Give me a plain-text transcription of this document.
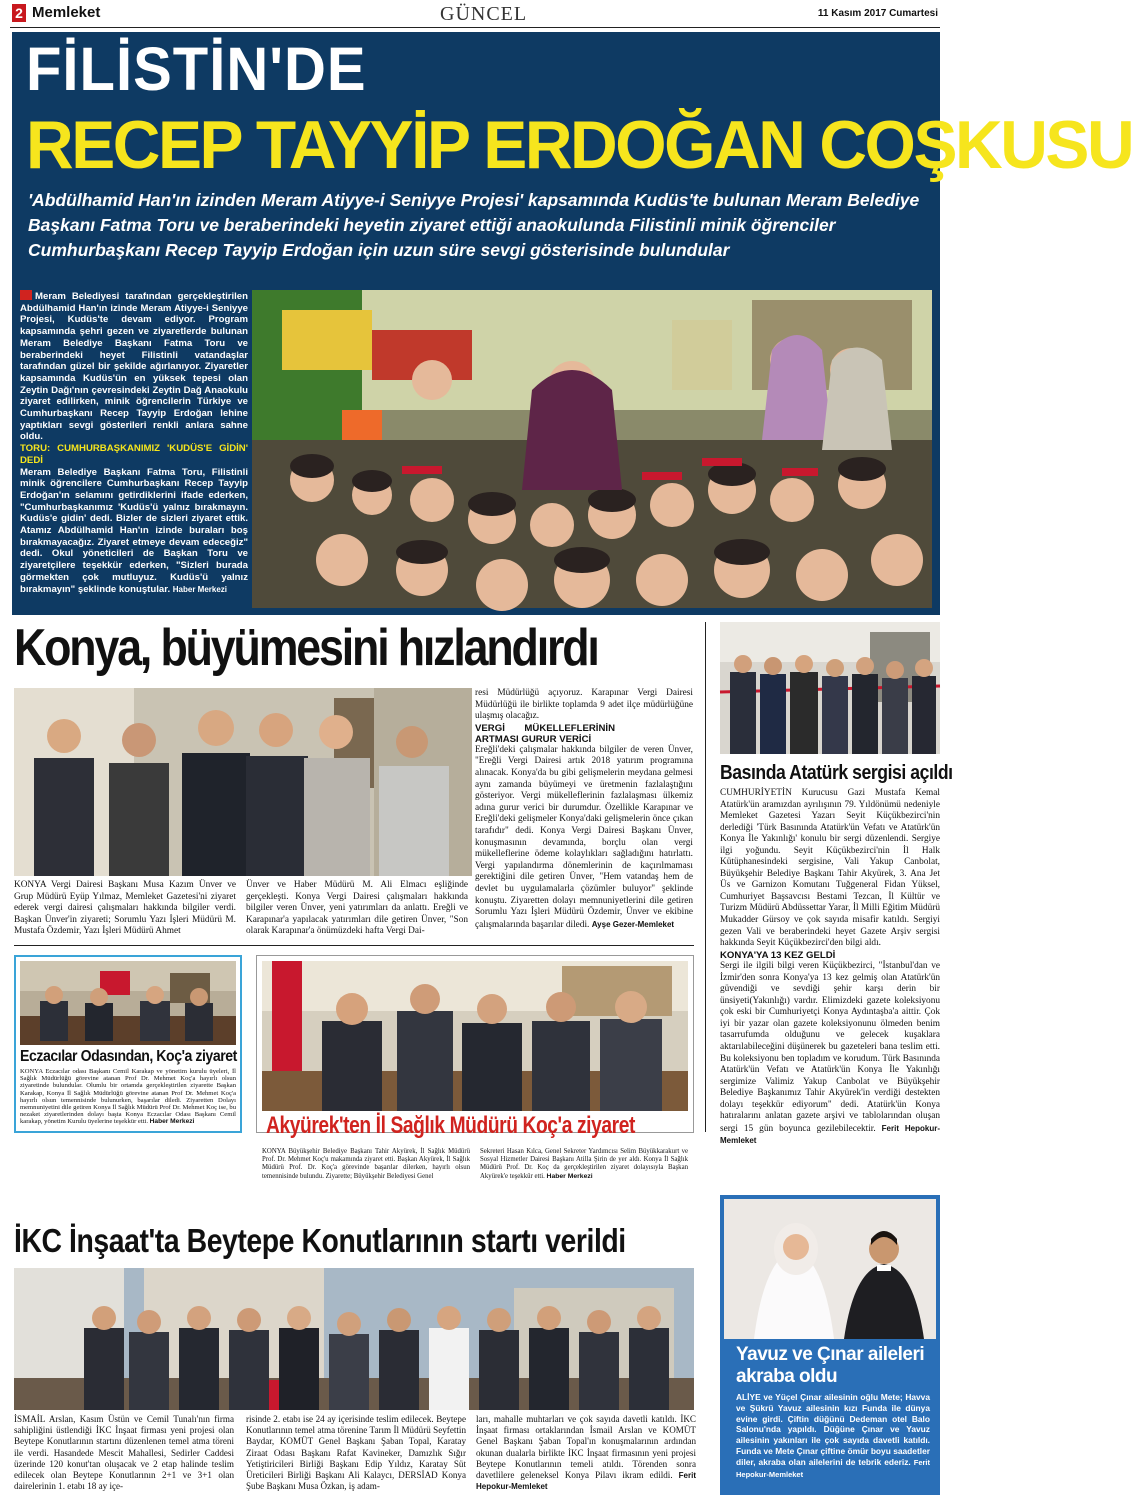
2 Memleket	GÜNCEL	11 Kasım 2017 Cumartesi
FİLİSTİN'DE
RECEP TAYYİP ERDOĞAN COŞKUSU
'Abdülhamid Han'ın izinden Meram Atiyye-i Seniyye Projesi' kapsamında Kudüs'te bulunan Meram Belediye Başkanı Fatma Toru ve beraberindeki heyetin ziyaret ettiği anaokulunda Filistinli minik öğrenciler Cumhurbaşkanı Recep Tayyip Erdoğan için uzun süre sevgi gösterisinde bulundular
Meram Belediyesi tarafından gerçekleştirilen Abdülhamid Han'ın izinde Meram Atiyye-i Seniyye Projesi, Kudüs'te devam ediyor. Program kapsamında şehri gezen ve ziyaretlerde bulunan Meram Belediye Başkanı Fatma Toru ve beraberindeki heyet Filistinli vatandaşlar tarafından güzel bir şekilde ağırlanıyor. Ziyaretler kapsamında Kudüs'ün en yüksek tepesi olan Zeytin Dağı'nın çevresindeki Zeytin Dağ Anaokulu ziyaret edilirken, minik öğrencilerin Türkiye ve Cumhurbaşkanı Recep Tayyip Erdoğan lehine yaptıkları sevgi gösterileri renkli anlara sahne oldu.
TORU: CUMHURBAŞKANIMIZ 'KUDÜS'E GİDİN' DEDİ
Meram Belediye Başkanı Fatma Toru, Filistinli minik öğrencilere Cumhurbaşkanı Recep Tayyip Erdoğan'ın selamını getirdiklerini ifade ederken, "Cumhurbaşkanımız 'Kudüs'ü yalnız bırakmayın. Kudüs'e gidin' dedi. Bizler de sizleri ziyaret ettik. Atamız Abdülhamid Han'ın izinde buraları boş bırakmayacağız. Ziyaret etmeye devam edeceğiz" dedi. Okul yöneticileri de Başkan Toru ve ziyaretçilere teşekkür ederken, "Sizleri burada görmekten çok mutluyuz. Kudüs'ü yalnız bırakmayın" şeklinde konuştular. Haber Merkezi
Konya, büyümesini hızlandırdı
resi Müdürlüğü açıyoruz. Karapınar Vergi Dairesi Müdürlüğü ile birlikte toplamda 9 adet ilçe müdürlüğüne ulaşmış olacağız.
VERGİ MÜKELLEFLERİNİN ARTMASI GURUR VERİCİ
Ereğli'deki çalışmalar hakkında bilgiler de veren Ünver, "Ereğli Vergi Dairesi artık 2018 yatırım programına alınacak. Konya'da bu gibi gelişmelerin meydana gelmesi aynı zamanda büyümeyi ve üretmenin fazlalaştığını gösteriyor. Vergi mükelleflerinin fazlalaşması ülkemiz adına gurur verici bir durumdur. Özellikle Karapınar ve Ereğli'deki gelişmeler Konya'daki gelişmelerin önce çıkan tarafıdır" dedi. Konya Vergi Dairesi Başkanı Ünver, konuşmasının devamında, borçlu olan vergi mükelleflerine ödeme kolaylıkları sağladığını hatırlattı. Vergi yapılandırma dönemlerinin de kaçırılmaması gerektiğini dile getiren Ünver, "Hem vatandaş hem de devlet bu uygulamalarla çözümler buluyor" şeklinde konuştu. Ziyaretten dolayı memnuniyetlerini dile getiren Sorumlu Yazı İşleri Müdürü Özdemir, Ünver ve ekibine çalışmalarında başarılar diledi. Ayşe Gezer-Memleket
KONYA Vergi Dairesi Başkanı Musa Kazım Ünver ve Grup Müdürü Eyüp Yılmaz, Memleket Gazetesi'ni ziyaret ederek vergi dairesi çalışmaları hakkında bilgiler verdi. Başkan Ünver'in ziyareti; Sorumlu Yazı İşleri Müdürü M. Mustafa Özdemir, Yazı İşleri Müdürü Ahmet
Ünver ve Haber Müdürü M. Ali Elmacı eşliğinde gerçekleşti. Konya Vergi Dairesi çalışmaları hakkında bilgiler veren Ünver, yeni yatırımları da anlattı. Ereğli ve Karapınar'a yapılacak yatırımları dile getiren Ünver, "Son olarak Karapınar'a önümüzdeki hafta Vergi Dai-
Basında Atatürk sergisi açıldı
CUMHURİYETİN Kurucusu Gazi Mustafa Kemal Atatürk'ün aramızdan ayrılışının 79. Yıldönümü nedeniyle Memleket Gazetesi Yazarı Seyit Küçükbezirci'nin derlediği 'Türk Basınında Atatürk'ün Vefatı ve Atatürk'ün Konya İle Yakınlığı' konulu bir sergi düzenlendi. Sergiye ilgi yoğundu. Seyit Küçükbezirci'nin İl Halk Kütüphanesindeki sergisine, Vali Yakup Canbolat, Büyükşehir Belediye Başkanı Tahir Akyürek, 3. Ana Jet Üs ve Garnizon Komutanı Tuğgeneral Fidan Yüksel, Cumhuriyet Başsavcısı Bestami Tezcan, İl Kültür ve Turizm Müdürü Abdüssettar Yarar, İl Milli Eğitim Müdürü Mukadder Gürsoy ve çok sayıda misafir katıldı. Sergiyi gezen Vali ve beraberindeki heyet Gazete Arşiv sergisi hakkında Seyit Küçükbezirci'den bilgi aldı.
KONYA'YA 13 KEZ GELDİ
Sergi ile ilgili bilgi veren Küçükbezirci, "İstanbul'dan ve İzmir'den sonra Konya'ya 13 kez gelmiş olan Atatürk'ün güvendiği ve sevdiği şehir karşı derin bir ünsiyeti(Yakınlığı) vardır. Elimizdeki gazete koleksiyonu çok eski bir Cumhuriyetçi Konya Aydıntaşba'a aittir. Çok iyi bir yazar olan gazete koleksiyonunu ölmeden benim tasarrufumda olduğunu ve gelecek kuşaklara aktarılabileceğini düşünerek bu gazeteleri bana teslim etti. Bu koleksiyonu ben topladım ve korudum. Türk Basınında Atatürk'ün Vefatı ve Atatürk'ün Konya İle Yakınlığı sergimize Valimiz Yakup Canbolat ve Büyükşehir Belediye Başkanımız Tahir Akyürek'in verdiği destekten dolayı teşekkür ediyorum" dedi. Atatürk'ün Konya hatıralarını anlatan gazete arşivi ve tablolarından oluşan sergi 15 gün boyunca gezilebilecektir. Ferit Hepokur-Memleket
Eczacılar Odasından, Koç'a ziyaret
KONYA Eczacılar odası Başkanı Cemil Karakap ve yönetim kurulu üyeleri, İl Sağlık Müdürlüğü görevine atanan Prof Dr. Mehmet Koç'a hayırlı olsun ziyaretinde bulundular. Olumlu bir ortamda gerçekleştirilen ziyarette Başkan Karakap, Konya İl Sağlık Müdürlüğü görevine atanan Prof Dr. Mehmet Koç'a hayırlı olsun temennisinde bulunurken, başarılar diledi. Ziyaretten Dolayı memnuniyetini dile getiren Konya İl Sağlık Müdürü Prof Dr. Mehmet Koç ise, bu nezaket ziyaretlerinden dolayı başta Konya Eczacılar Odası Başkanı Cemil karakap, yönetim Kurulu üyelerine teşekkür etti. Haber Merkezi	Akyürek'ten İl Sağlık Müdürü Koç'a ziyaret
KONYA Büyükşehir Belediye Başkanı Tahir Akyürek, İl Sağlık Müdürü Prof. Dr. Mehmet Koç'u makamında ziyaret etti. Başkan Akyürek, İl Sağlık Müdürü Prof. Dr. Koç'a görevinde başarılar dilerken, hayırlı olsun temennisinde bulundu. Ziyarette; Büyükşehir Belediyesi Genel
Sekreteri Hasan Kılca, Genel Sekreter Yardımcısı Selim Büyükkarakurt ve Sosyal Hizmetler Dairesi Başkanı Atilla Şirin de yer aldı. Konya İl Sağlık Müdürü Prof. Dr. Koç da gerçekleştirilen ziyaret dolayısıyla Başkan Akyürek'e teşekkür etti. Haber Merkezi
Yavuz ve Çınar aileleri akraba oldu
ALİYE ve Yüçel Çınar ailesinin oğlu Mete; Havva ve Şükrü Yavuz ailesinin kızı Funda ile dünya evine girdi. Çiftin düğünü Dedeman otel Balo Salonu'nda yapıldı. Düğüne Çınar ve Yavuz ailesinin yakınları ile çok sayıda davetli katıldı. Funda ve Mete Çınar çiftine ömür boyu saadetler diler, akraba olan ailelerini de tebrik ederiz. Ferit Hepokur-Memleket
İKC İnşaat'ta Beytepe Konutlarının startı verildi
İSMAİL Arslan, Kasım Üstün ve Cemil Tunalı'nın firma sahipliğini üstlendiği İKC İnşaat firması yeni projesi olan Beytepe Konutlarının startını düzenlenen temel atma töreni ile verdi. Hasandede Mescit Mahallesi, Sedirler Caddesi üzerinde 120 konut'tan oluşacak ve 2 etap halinde teslim edilecek olan Beytepe Konutlarının 2+1 ve 3+1 olan dairelerinin 1. etabı 18 ay içe-
risinde 2. etabı ise 24 ay içerisinde teslim edilecek. Beytepe Konutlarının temel atma törenine Tarım İl Müdürü Seyfettin Baydar, KOMÜT Genel Başkanı Şaban Topal, Karatay Ziraat Odası Başkanı Rafat Kavineker, Damızlık Sığır Yetiştiricileri Birliği Başkanı Edip Yıldız, Karatay Süt Üreticileri Birliği Başkanı Ali Kalaycı, DERSİAD Konya Şube Başkanı Musa Özkan, iş adam-
ları, mahalle muhtarları ve çok sayıda davetli katıldı. İKC İnşaat firması ortaklarından İsmail Arslan ve KOMÜT Genel Başkanı Şaban Topal'ın konuşmalarının ardından okunan dualarla birlikte İKC İnşaat firmasının yeni projesi Beytepe Konutlarının temeli atıldı. Törenden sonra davetlilere geleneksel Konya Pilavı ikram edildi. Ferit Hepokur-Memleket
